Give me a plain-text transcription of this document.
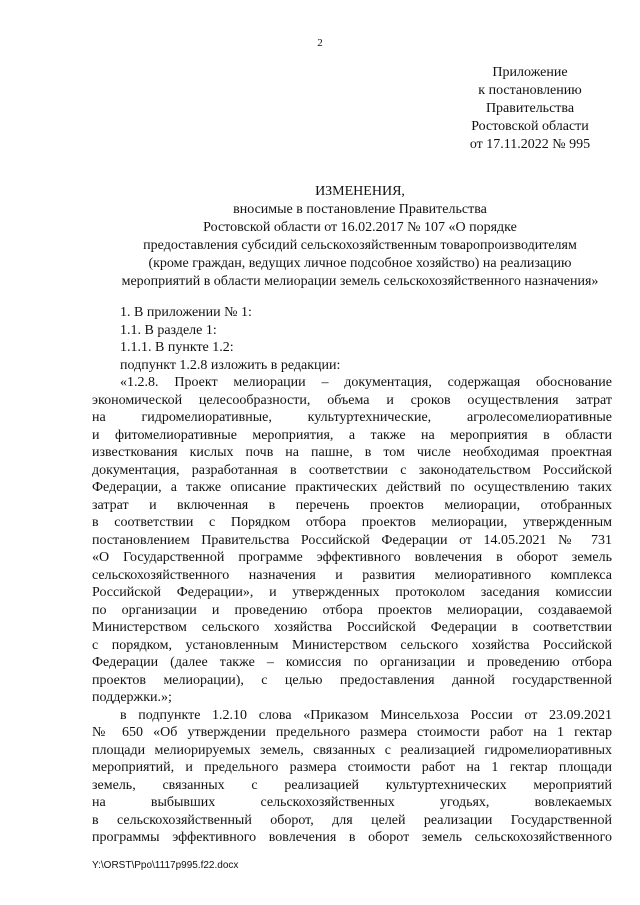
2
Приложение
к постановлению
Правительства
Ростовской области
от 17.11.2022 № 995
ИЗМЕНЕНИЯ,
вносимые в постановление Правительства
Ростовской области от 16.02.2017 № 107 «О порядке
предоставления субсидий сельскохозяйственным товаропроизводителям
(кроме граждан, ведущих личное подсобное хозяйство) на реализацию
мероприятий в области мелиорации земель сельскохозяйственного назначения»

1. В приложении № 1:

1.1. В разделе 1:

1.1.1. В пункте 1.2:

подпункт 1.2.8 изложить в редакции:

«1.2.8. Проект мелиорации – документация, содержащая обоснование
экономической целесообразности, объема и сроков осуществления затрат
на гидромелиоративные, культуртехнические, агролесомелиоративные
и фитомелиоративные мероприятия, а также на мероприятия в области
известкования кислых почв на пашне, в том числе необходимая проектная
документация, разработанная в соответствии с законодательством Российской
Федерации, а также описание практических действий по осуществлению таких
затрат и включенная в перечень проектов мелиорации, отобранных
в соответствии с Порядком отбора проектов мелиорации, утвержденным
постановлением Правительства Российской Федерации от 14.05.2021 № 731
«О Государственной программе эффективного вовлечения в оборот земель
сельскохозяйственного назначения и развития мелиоративного комплекса
Российской Федерации», и утвержденных протоколом заседания комиссии
по организации и проведению отбора проектов мелиорации, создаваемой
Министерством сельского хозяйства Российской Федерации в соответствии
с порядком, установленным Министерством сельского хозяйства Российской
Федерации (далее также – комиссия по организации и проведению отбора
проектов мелиорации), с целью предоставления данной государственной
поддержки.»;
в подпункте 1.2.10 слова «Приказом Минсельхоза России от 23.09.2021
№ 650 «Об утверждении предельного размера стоимости работ на 1 гектар
площади мелиорируемых земель, связанных с реализацией гидромелиоративных
мероприятий, и предельного размера стоимости работ на 1 гектар площади
земель, связанных с реализацией культуртехнических мероприятий
на выбывших сельскохозяйственных угодьях, вовлекаемых
в сельскохозяйственный оборот, для целей реализации Государственной
программы эффективного вовлечения в оборот земель сельскохозяйственного
Y:\ORST\Ppo\1117p995.f22.docx
